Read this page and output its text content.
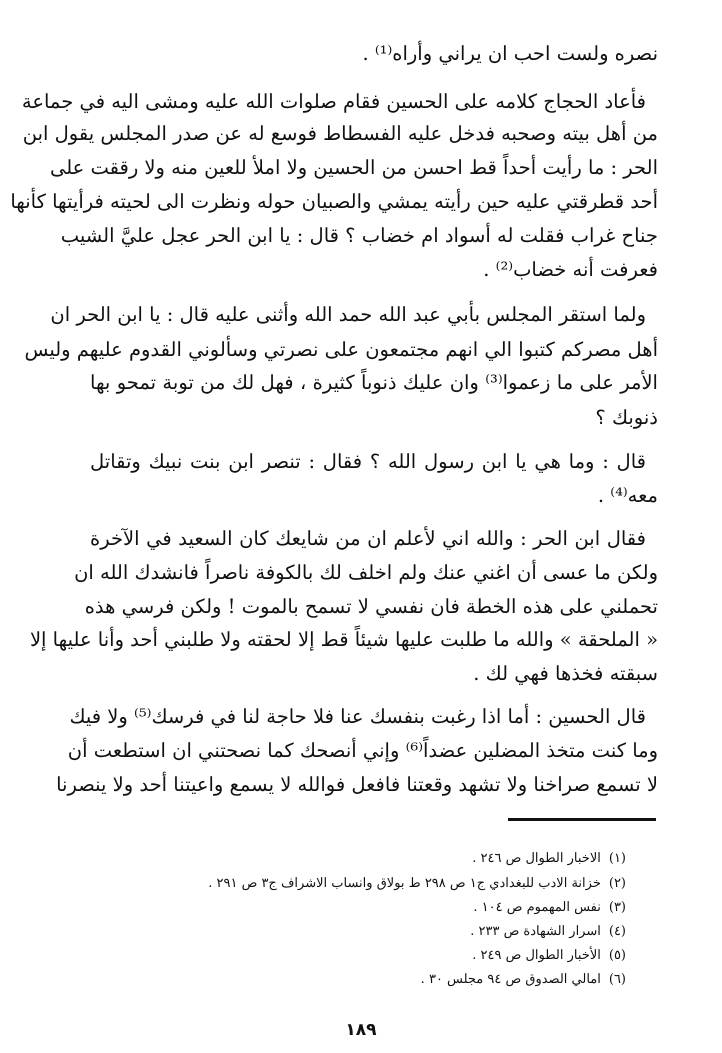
نصره ولست احب ان يراني وأراه⁽¹⁾ .
فأعاد الحجاج كلامه على الحسين فقام صلوات الله عليه ومشى اليه في جماعة
من أهل بيته وصحبه فدخل عليه الفسطاط فوسع له عن صدر المجلس يقول ابن
الحر : ما رأيت أحداً قط احسن من الحسين ولا املأ للعين منه ولا رققت على
أحد قطرقتي عليه حين رأيته يمشي والصبيان حوله ونظرت الى لحيته فرأيتها كأنها
جناح غراب فقلت له أسواد ام خضاب ؟ قال : يا ابن الحر عجل عليَّ الشيب
فعرفت أنه خضاب⁽²⁾ .
ولما استقر المجلس بأبي عبد الله حمد الله وأثنى عليه قال : يا ابن الحر ان
أهل مصركم كتبوا الي انهم مجتمعون على نصرتي وسألوني القدوم عليهم وليس
الأمر على ما زعموا⁽³⁾ وان عليك ذنوباً كثيرة ، فهل لك من توبة تمحو بها
ذنوبك ؟
قال : وما هي يا ابن رسول الله ؟ فقال : تنصر ابن بنت نبيك وتقاتل
معه⁽⁴⁾ .
فقال ابن الحر : والله اني لأعلم ان من شايعك كان السعيد في الآخرة
ولكن ما عسى أن اغني عنك ولم اخلف لك بالكوفة ناصراً فانشدك الله ان
تحملني على هذه الخطة فان نفسي لا تسمح بالموت ! ولكن فرسي هذه
« الملحقة » والله ما طلبت عليها شيئاً قط إلا لحقته ولا طلبني أحد وأنا عليها إلا
سبقته فخذها فهي لك .
قال الحسين : أما اذا رغبت بنفسك عنا فلا حاجة لنا في فرسك⁽⁵⁾ ولا فيك
وما كنت متخذ المضلين عضداً⁽⁶⁾ وإني أنصحك كما نصحتني ان استطعت أن
لا تسمع صراخنا ولا تشهد وقعتنا فافعل فوالله لا يسمع واعيتنا أحد ولا ينصرنا
(١)الاخبار الطوال ص ٢٤٦ .
(٢)خزانة الادب للبغدادي ج١ ص ٢٩٨ ط بولاق وانساب الاشراف ج٣ ص ٢٩١ .
(٣)نفس المهموم ص ١٠٤ .
(٤)اسرار الشهادة ص ٢٣٣ .
(٥)الأخبار الطوال ص ٢٤٩ .
(٦)امالي الصدوق ص ٩٤ مجلس ٣٠ .
١٨٩
